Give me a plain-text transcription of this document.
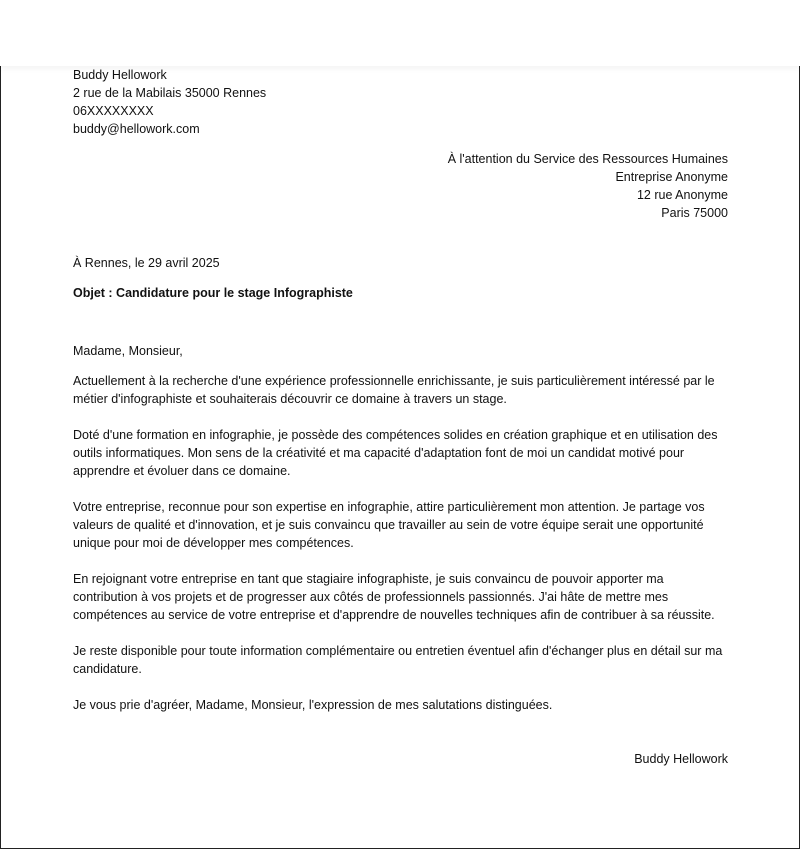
Buddy Hellowork
2 rue de la Mabilais 35000 Rennes
06XXXXXXXX
buddy@hellowork.com
À l'attention du Service des Ressources Humaines
Entreprise Anonyme
12 rue Anonyme
Paris 75000
À Rennes, le 29 avril 2025
Objet : Candidature pour le stage Infographiste
Madame, Monsieur,
Actuellement à la recherche d'une expérience professionnelle enrichissante, je suis particulièrement intéressé par le métier d'infographiste et souhaiterais découvrir ce domaine à travers un stage.
Doté d'une formation en infographie, je possède des compétences solides en création graphique et en utilisation des outils informatiques. Mon sens de la créativité et ma capacité d'adaptation font de moi un candidat motivé pour apprendre et évoluer dans ce domaine.
Votre entreprise, reconnue pour son expertise en infographie, attire particulièrement mon attention. Je partage vos valeurs de qualité et d'innovation, et je suis convaincu que travailler au sein de votre équipe serait une opportunité unique pour moi de développer mes compétences.
En rejoignant votre entreprise en tant que stagiaire infographiste, je suis convaincu de pouvoir apporter ma contribution à vos projets et de progresser aux côtés de professionnels passionnés. J'ai hâte de mettre mes compétences au service de votre entreprise et d'apprendre de nouvelles techniques afin de contribuer à sa réussite.
Je reste disponible pour toute information complémentaire ou entretien éventuel afin d'échanger plus en détail sur ma candidature.
Je vous prie d'agréer, Madame, Monsieur, l'expression de mes salutations distinguées.
Buddy Hellowork
